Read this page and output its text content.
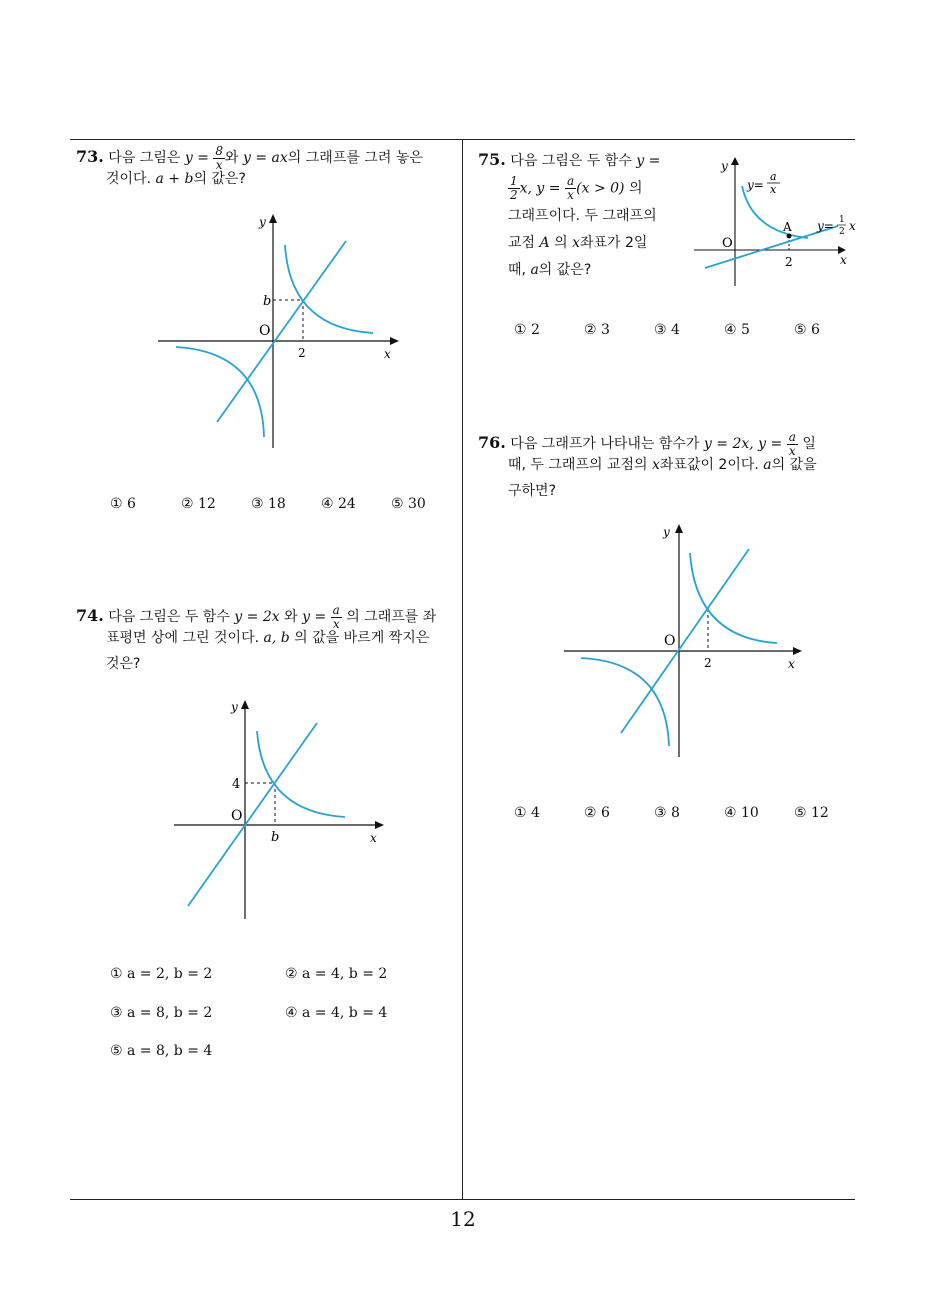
73. 다음 그림은 $y = \frac{8}{x}$ 와 y = ax의 그래프를 그려 놓은
것이다. a + b의 값은?
y
x
O
b
2
① 6	② 12	③ 18	④ 24	⑤ 30
74. 다음 그림은 두 함수 y = 2x 와 $y = \frac{a}{x}$ 의 그래프를 좌
표평면 상에 그린 것이다. a, b 의 값을 바르게 짝지은
것은?
y
x
O
4
b
① a = 2, b = 2	② a = 4, b = 2
③ a = 8, b = 2	④ a = 4, b = 4
⑤ a = 8, b = 4
75. 다음 그림은 두 함수 y =
$\frac{1}{2} x$, $y = \frac{a}{x} (x > 0)$ 의
그래프이다. 두 그래프의
교점 A 의 x좌표가 2일
때, a의 값은?
y
x
O
A
2
y=
a
x
y= 1
2 x
① 2	② 3	③ 4	④ 5	⑤ 6
76. 다음 그래프가 나타내는 함수가 y = 2x, $y = \frac{a}{x}$ 일
때, 두 그래프의 교점의 x좌표값이 2이다. a의 값을
구하면?
y
x
O
2
① 4	② 6	③ 8	④ 10	⑤ 12
12
